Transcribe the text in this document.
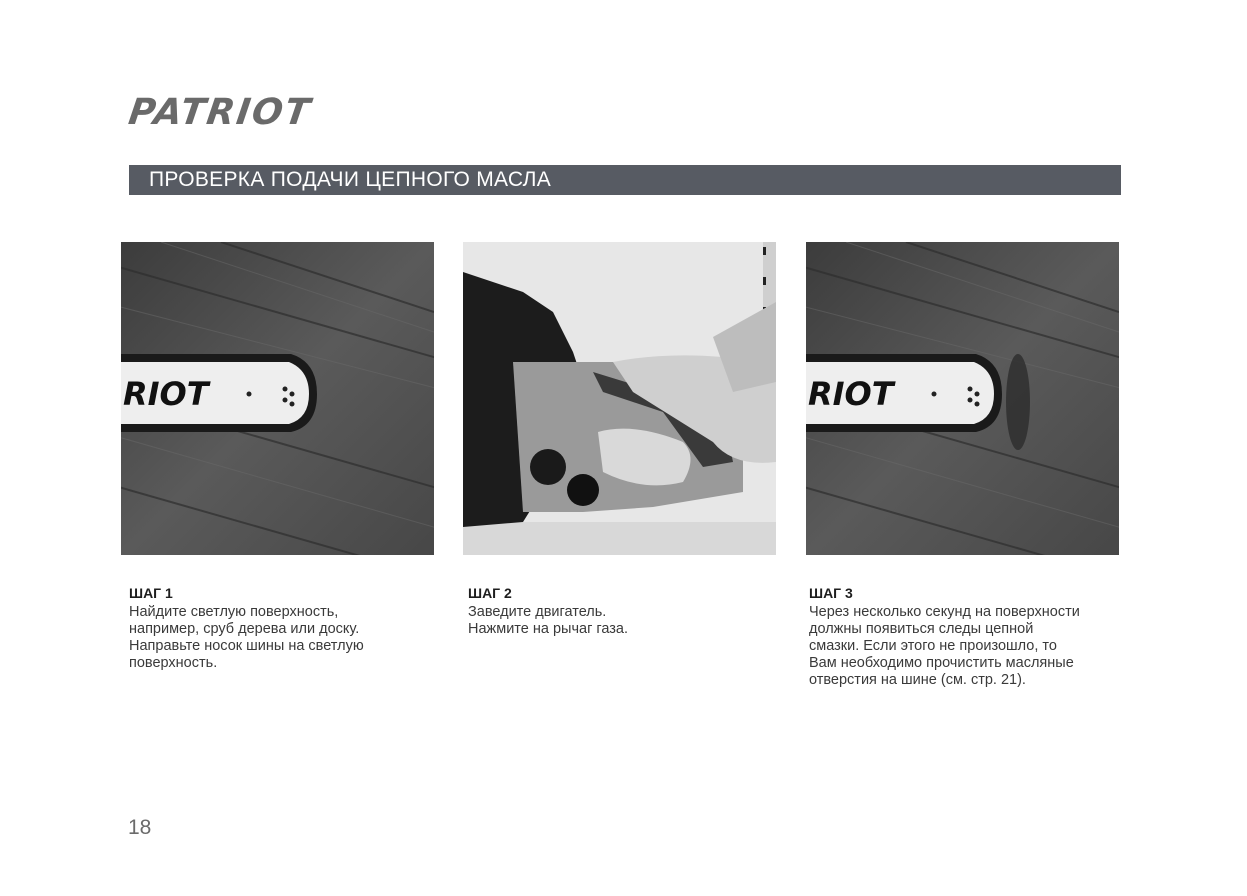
PATRIOT
ПРОВЕРКА ПОДАЧИ ЦЕПНОГО МАСЛА
RIOT	RIOT
ШАГ 1
Найдите светлую поверхность,
например, сруб дерева или доску.
Направьте носок шины на светлую
поверхность.
ШАГ 2
Заведите двигатель.
Нажмите на рычаг газа.
ШАГ 3
Через несколько секунд на поверхности
должны появиться следы цепной
смазки. Если этого не произошло, то
Вам необходимо прочистить масляные
отверстия на шине (см. стр. 21).
18
